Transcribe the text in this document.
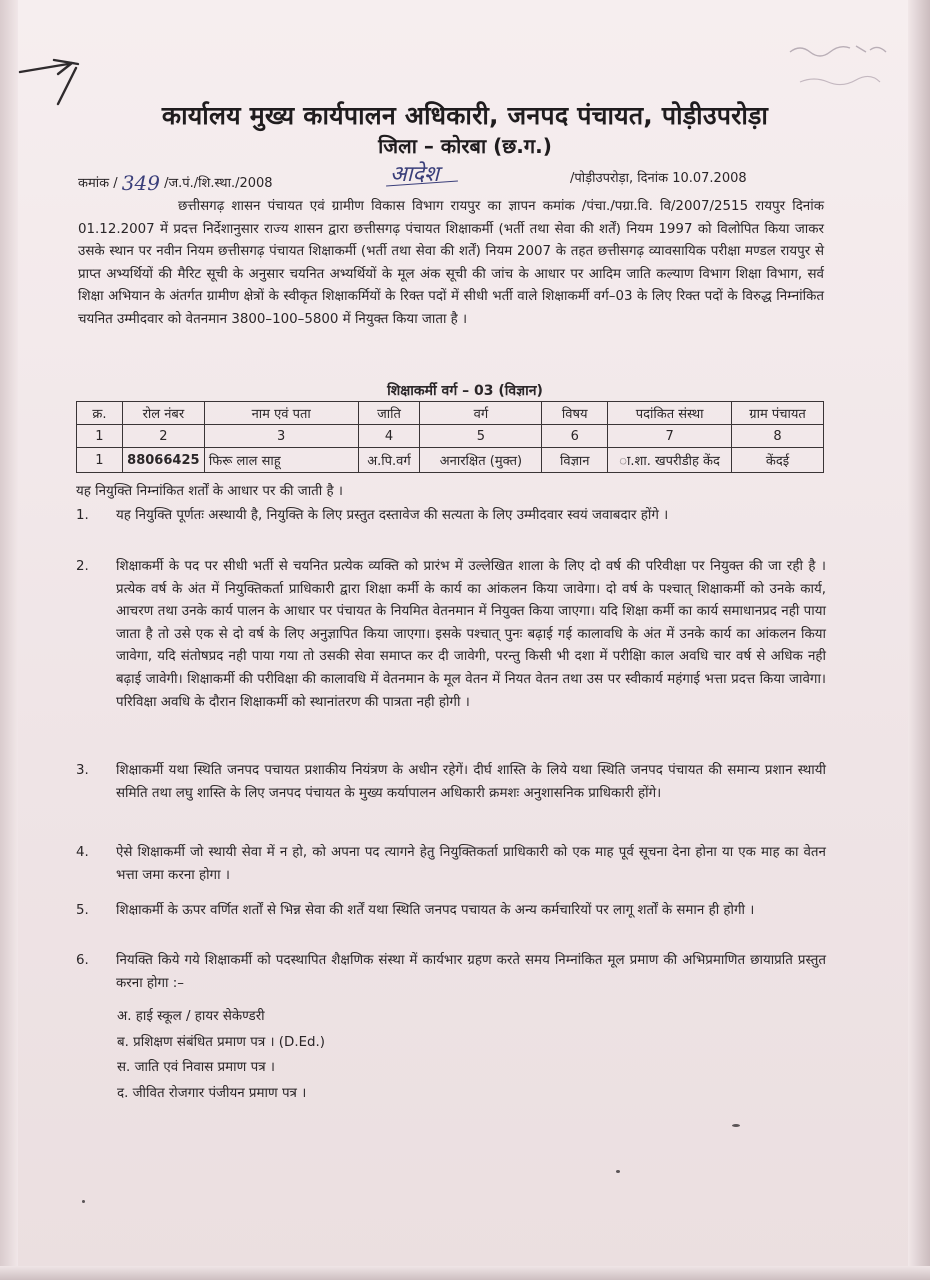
कार्यालय मुख्य कार्यपालन अधिकारी, जनपद पंचायत, पोड़ीउपरोड़ा
जिला – कोरबा (छ.ग.)
कमांक / 349 /ज.पं./शि.स्था./2008	आदेश	/पोड़ीउपरोड़ा, दिनांक 10.07.2008
छत्तीसगढ़ शासन पंचायत एवं ग्रामीण विकास विभाग रायपुर का ज्ञापन कमांक /पंचा./पग्रा.वि. वि/2007/2515 रायपुर दिनांक 01.12.2007 में प्रदत्त निर्देशानुसार राज्य शासन द्वारा छत्तीसगढ़ पंचायत शिक्षाकर्मी (भर्ती तथा सेवा की शर्तें) नियम 1997 को विलोपित किया जाकर उसके स्थान पर नवीन नियम छत्तीसगढ़ पंचायत शिक्षाकर्मी (भर्ती तथा सेवा की शर्तें) नियम 2007 के तहत छत्तीसगढ़ व्यावसायिक परीक्षा मण्डल रायपुर से प्राप्त अभ्यर्थियों की मैरिट सूची के अनुसार चयनित अभ्यर्थियों के मूल अंक सूची की जांच के आधार पर आदिम जाति कल्याण विभाग शिक्षा विभाग, सर्व शिक्षा अभियान के अंतर्गत ग्रामीण क्षेत्रों के स्वीकृत शिक्षाकर्मियों के रिक्त पदों में सीधी भर्ती वाले शिक्षाकर्मी वर्ग–03 के लिए रिक्त पदों के विरुद्ध निम्नांकित चयनित उम्मीदवार को वेतनमान 3800–100–5800 में नियुक्त किया जाता है ।
शिक्षाकर्मी वर्ग – 03 (विज्ञान)
क्र.	रोल नंबर	नाम एवं पता	जाति	वर्ग	विषय	पदांकित संस्था	ग्राम पंचायत
1	2	3	4	5	6	7	8
1	88066425	फिरू लाल साहू	अ.पि.वर्ग	अनारक्षित (मुक्त)	विज्ञान	ा.शा. खपरीडीह केंद	केंदई
यह नियुक्ति निम्नांकित शर्तों के आधार पर की जाती है ।
1.	यह नियुक्ति पूर्णतः अस्थायी है, नियुक्ति के लिए प्रस्तुत दस्तावेज की सत्यता के लिए उम्मीदवार स्वयं जवाबदार होंगे ।
2.	शिक्षाकर्मी के पद पर सीधी भर्ती से चयनित प्रत्येक व्यक्ति को प्रारंभ में उल्लेखित शाला के लिए दो वर्ष की परिवीक्षा पर नियुक्त की जा रही है । प्रत्येक वर्ष के अंत में नियुक्तिकर्ता प्राधिकारी द्वारा शिक्षा कर्मी के कार्य का आंकलन किया जावेगा। दो वर्ष के पश्चात् शिक्षाकर्मी को उनके कार्य, आचरण तथा उनके कार्य पालन के आधार पर पंचायत के नियमित वेतनमान में नियुक्त किया जाएगा। यदि शिक्षा कर्मी का कार्य समाधानप्रद नही पाया जाता है तो उसे एक से दो वर्ष के लिए अनुज्ञापित किया जाएगा। इसके पश्चात् पुनः बढ़ाई गई कालावधि के अंत में उनके कार्य का आंकलन किया जावेगा, यदि संतोषप्रद नही पाया गया तो उसकी सेवा समाप्त कर दी जावेगी, परन्तु किसी भी दशा में परीक्षिा काल अवधि चार वर्ष से अधिक नही बढ़ाई जावेगी। शिक्षाकर्मी की परीविक्षा की कालावधि में वेतनमान के मूल वेतन में नियत वेतन तथा उस पर स्वीकार्य महंगाई भत्ता प्रदत्त किया जावेगा। परिविक्षा अवधि के दौरान शिक्षाकर्मी को स्थानांतरण की पात्रता नही होगी ।
3.	शिक्षाकर्मी यथा स्थिति जनपद पचायत प्रशाकीय नियंत्रण के अधीन रहेगें। दीर्घ शास्ति के लिये यथा स्थिति जनपद पंचायत की समान्य प्रशान स्थायी समिति तथा लघु शास्ति के लिए जनपद पंचायत के मुख्य कर्यापालन अधिकारी क्रमशः अनुशासनिक प्राधिकारी होंगे।
4.	ऐसे शिक्षाकर्मी जो स्थायी सेवा में न हो, को अपना पद त्यागने हेतु नियुक्तिकर्ता प्राधिकारी को एक माह पूर्व सूचना देना होना या एक माह का वेतन भत्ता जमा करना होगा ।
5.	शिक्षाकर्मी के ऊपर वर्णित शर्तों से भिन्न सेवा की शर्तें यथा स्थिति जनपद पचायत के अन्य कर्मचारियों पर लागू शर्तों के समान ही होगी ।
6.	नियक्ति किये गये शिक्षाकर्मी को पदस्थापित शैक्षणिक संस्था में कार्यभार ग्रहण करते समय निम्नांकित मूल प्रमाण की अभिप्रमाणित छायाप्रति प्रस्तुत करना होगा :–
अ. हाई स्कूल / हायर सेकेण्डरी
ब. प्रशिक्षण संबंधित प्रमाण पत्र । (D.Ed.)
स. जाति एवं निवास प्रमाण पत्र ।
द. जीवित रोजगार पंजीयन प्रमाण पत्र ।
